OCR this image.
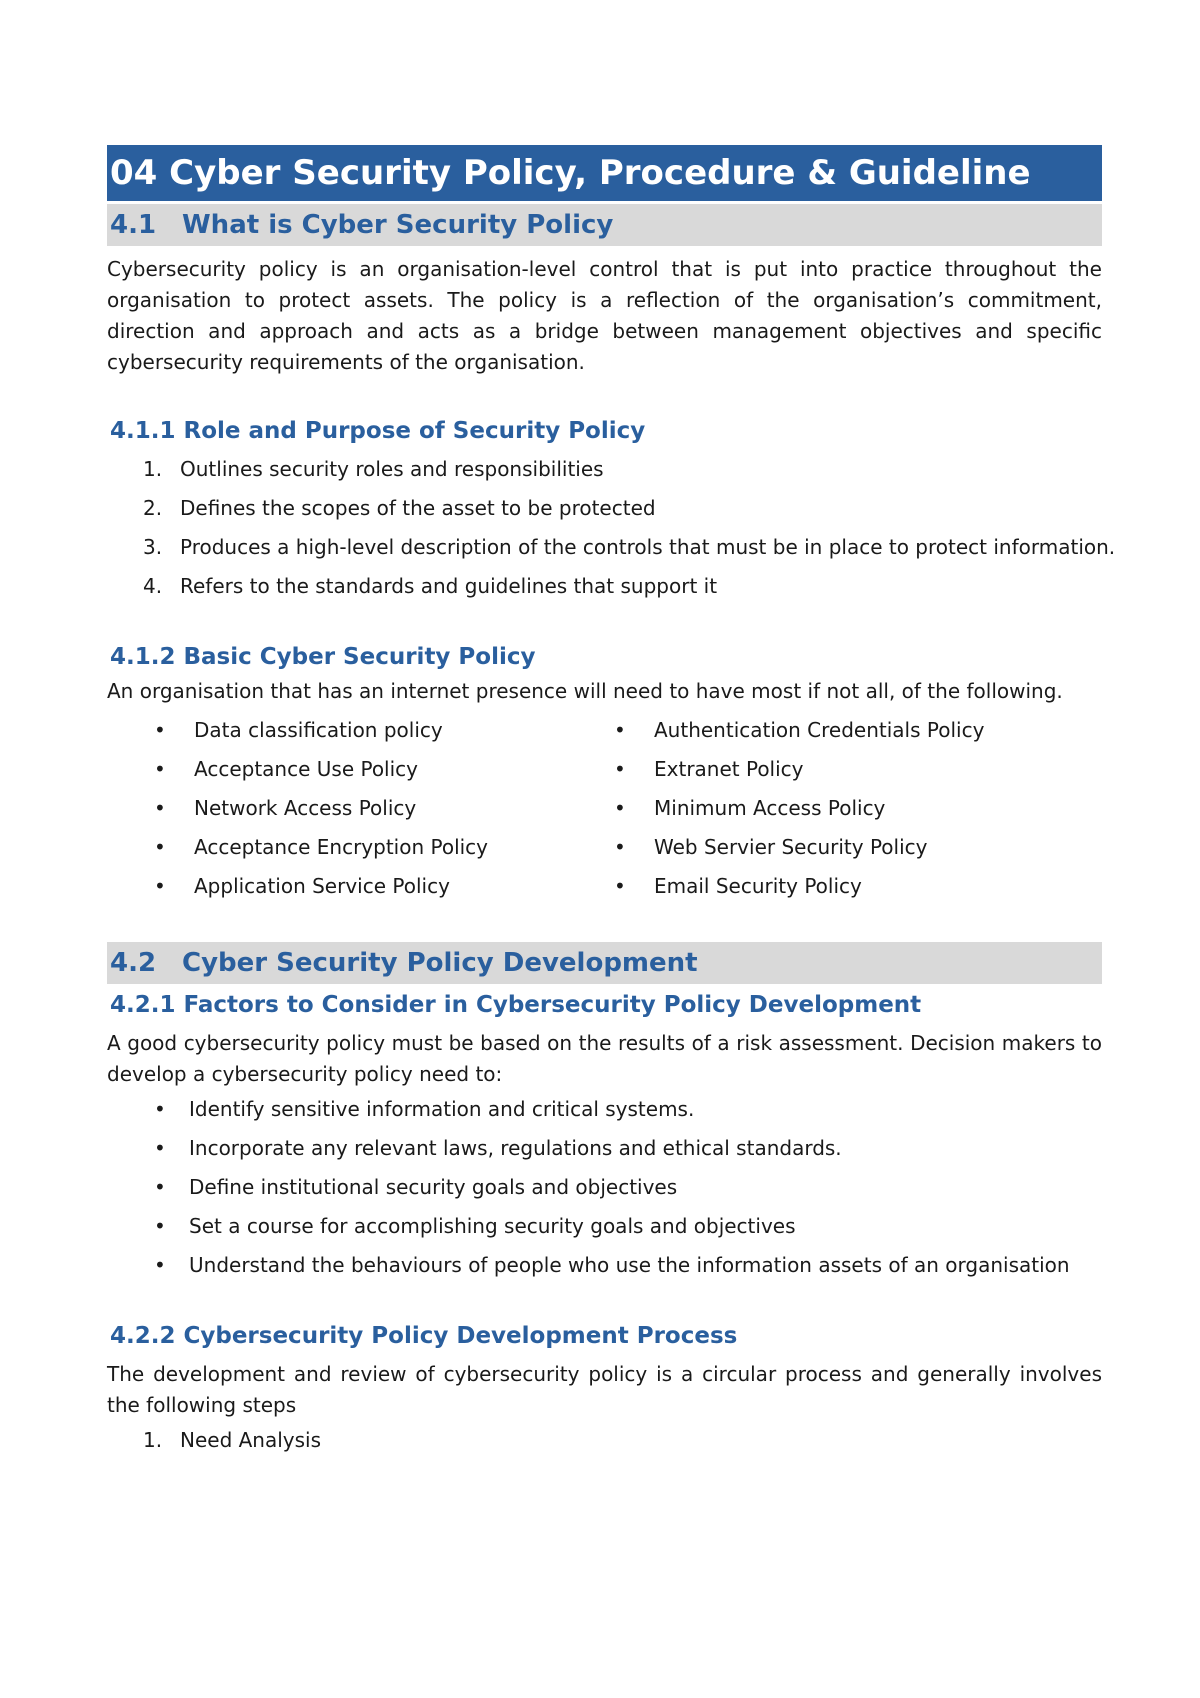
04 Cyber Security Policy, Procedure & Guideline
4.1 What is Cyber Security Policy

Cybersecurity policy is an organisation-level control that is put into practice throughout the organisation to protect assets. The policy is a reflection of the organisation’s commitment, direction and approach and acts as a bridge between management objectives and specific cybersecurity requirements of the organisation.

4.1.1 Role and Purpose of Security Policy
1. Outlines security roles and responsibilities
2. Defines the scopes of the asset to be protected
3. Produces a high-level description of the controls that must be in place to protect information.
4. Refers to the standards and guidelines that support it
4.1.2 Basic Cyber Security Policy

An organisation that has an internet presence will need to have most if not all, of the following.

• Data classification policy
• Acceptance Use Policy
• Network Access Policy
• Acceptance Encryption Policy
• Application Service Policy
• Authentication Credentials Policy
• Extranet Policy
• Minimum Access Policy
• Web Servier Security Policy
• Email Security Policy
4.2 Cyber Security Policy Development
4.2.1 Factors to Consider in Cybersecurity Policy Development

A good cybersecurity policy must be based on the results of a risk assessment. Decision makers to develop a cybersecurity policy need to:

• Identify sensitive information and critical systems.
• Incorporate any relevant laws, regulations and ethical standards.
• Define institutional security goals and objectives
• Set a course for accomplishing security goals and objectives
• Understand the behaviours of people who use the information assets of an organisation
4.2.2 Cybersecurity Policy Development Process

The development and review of cybersecurity policy is a circular process and generally involves the following steps

1. Need Analysis
